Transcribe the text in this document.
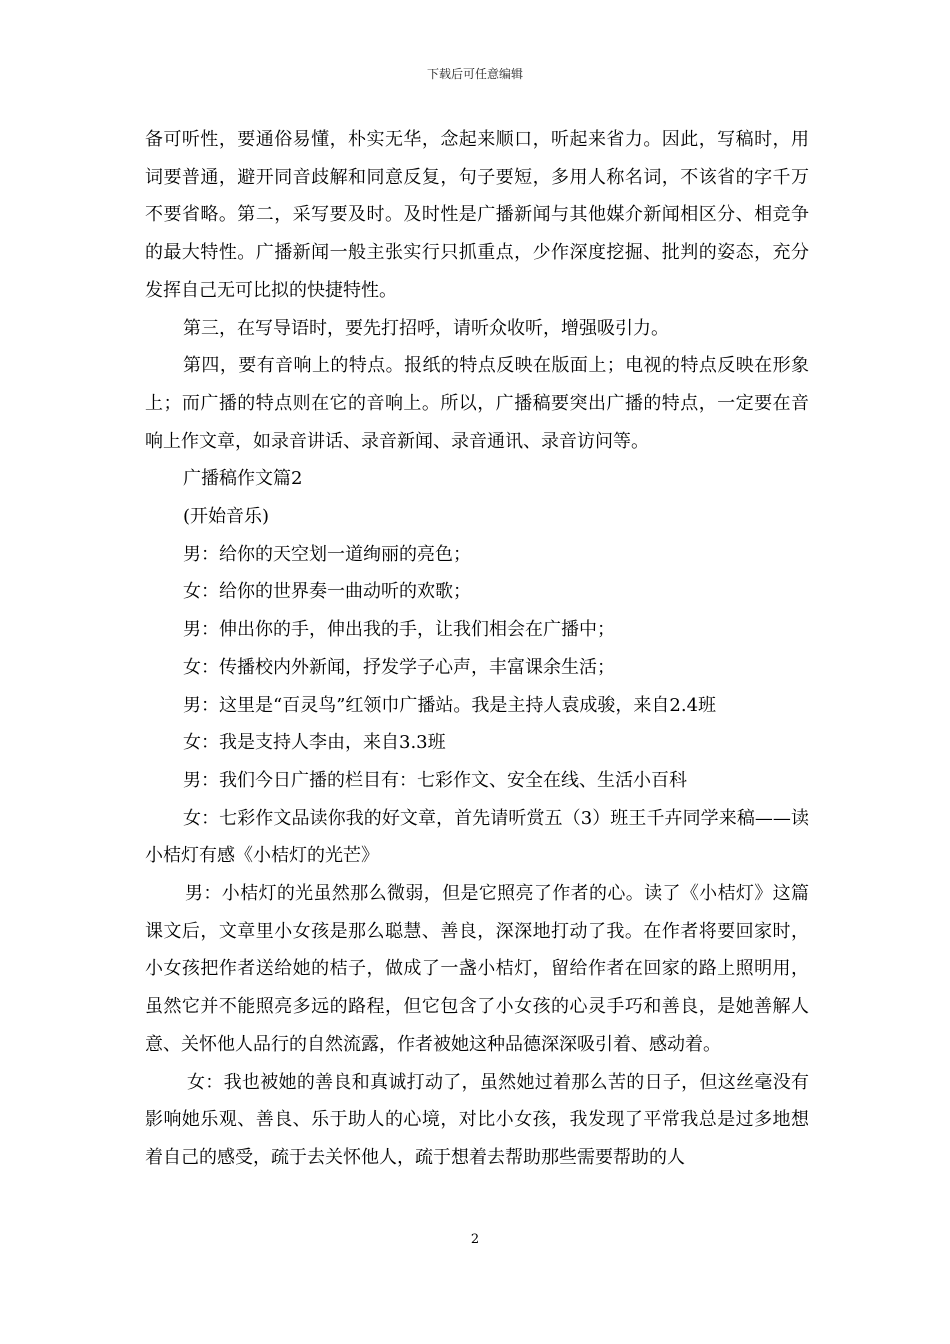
下载后可任意编辑

备可听性，要通俗易懂，朴实无华，念起来顺口，听起来省力。因此，写稿时，用词要普通，避开同音歧解和同意反复，句子要短，多用人称名词，不该省的字千万不要省略。第二，采写要及时。及时性是广播新闻与其他媒介新闻相区分、相竞争的最大特性。广播新闻一般主张实行只抓重点，少作深度挖掘、批判的姿态，充分发挥自己无可比拟的快捷特性。

第三，在写导语时，要先打招呼，请听众收听，增强吸引力。

第四，要有音响上的特点。报纸的特点反映在版面上；电视的特点反映在形象上；而广播的特点则在它的音响上。所以，广播稿要突出广播的特点，一定要在音响上作文章，如录音讲话、录音新闻、录音通讯、录音访问等。

广播稿作文篇2

(开始音乐)

男：给你的天空划一道绚丽的亮色；

女：给你的世界奏一曲动听的欢歌；

男：伸出你的手，伸出我的手，让我们相会在广播中；

女：传播校内外新闻，抒发学子心声，丰富课余生活；

男：这里是“百灵鸟”红领巾广播站。我是主持人袁成骏，来自2.4班

女：我是支持人李由，来自3.3班

男：我们今日广播的栏目有：七彩作文、安全在线、生活小百科

女：七彩作文品读你我的好文章，首先请听赏五（3）班王千卉同学来稿——读小桔灯有感《小桔灯的光芒》

男：小桔灯的光虽然那么微弱，但是它照亮了作者的心。读了《小桔灯》这篇课文后，文章里小女孩是那么聪慧、善良，深深地打动了我。在作者将要回家时，小女孩把作者送给她的桔子，做成了一盏小桔灯，留给作者在回家的路上照明用，虽然它并不能照亮多远的路程，但它包含了小女孩的心灵手巧和善良，是她善解人意、关怀他人品行的自然流露，作者被她这种品德深深吸引着、感动着。

女：我也被她的善良和真诚打动了，虽然她过着那么苦的日子，但这丝毫没有影响她乐观、善良、乐于助人的心境，对比小女孩，我发现了平常我总是过多地想着自己的感受，疏于去关怀他人，疏于想着去帮助那些需要帮助的人

2
